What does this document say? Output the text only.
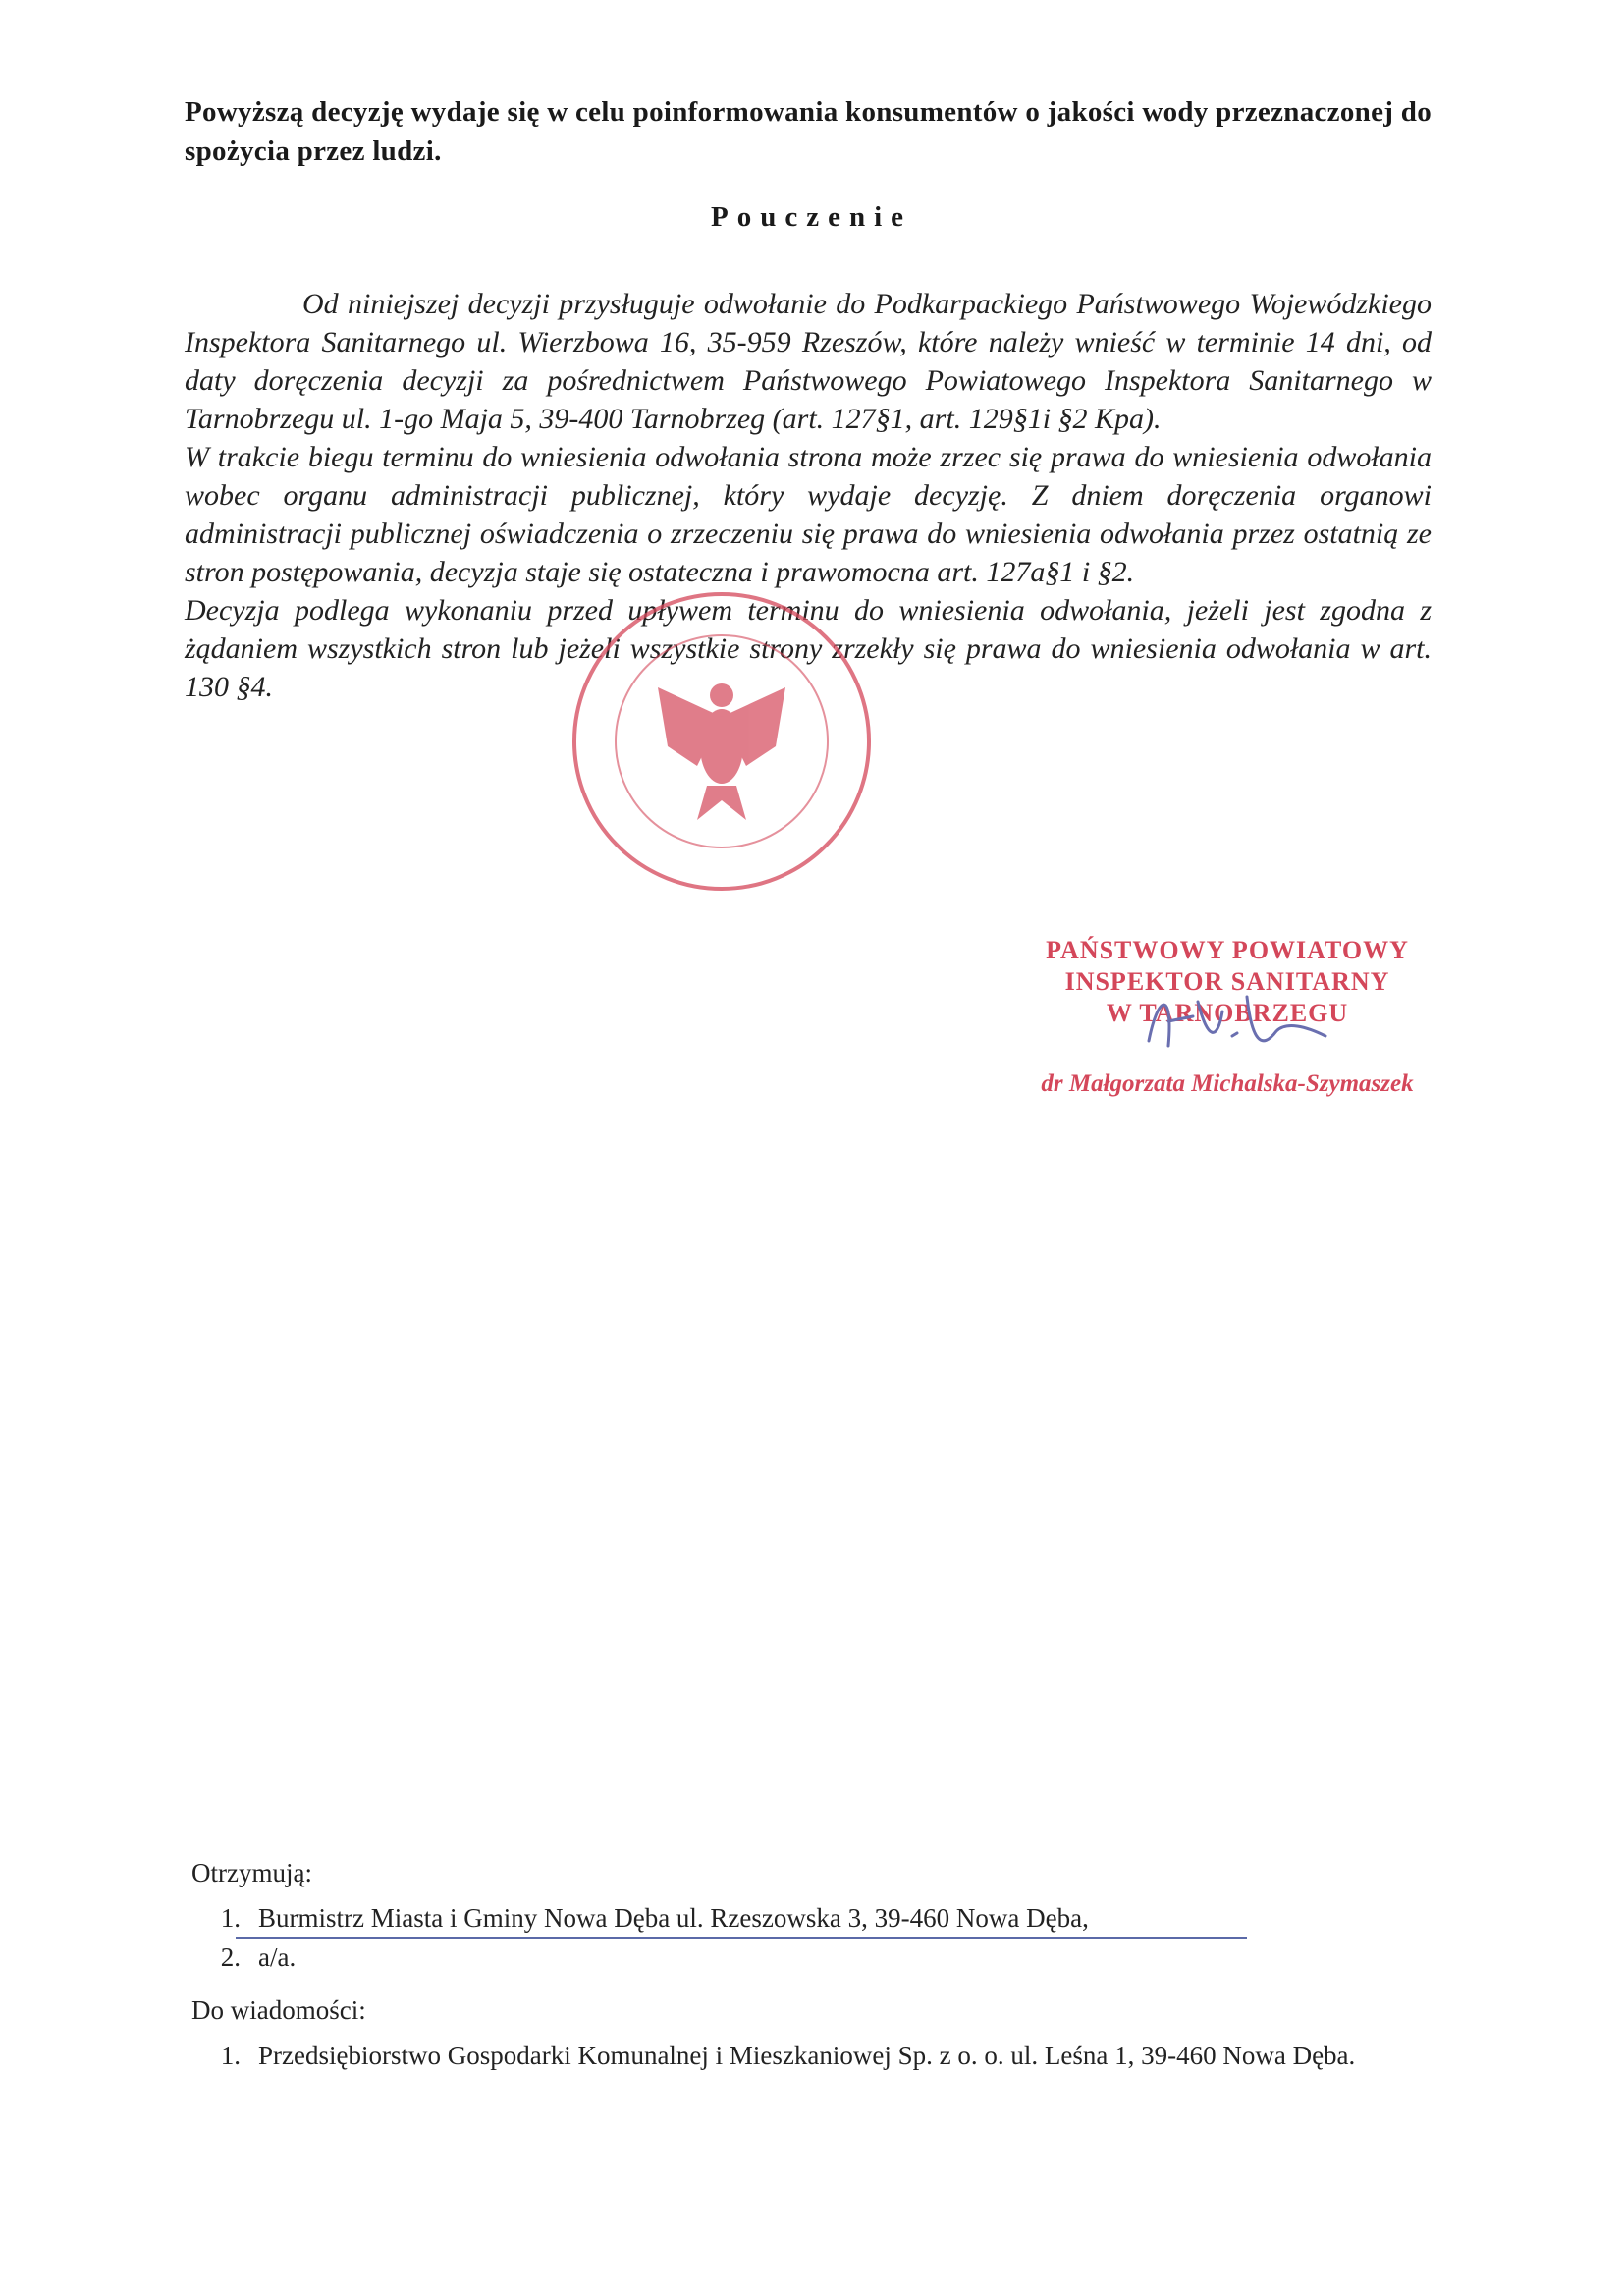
Powyższą decyzję wydaje się w celu poinformowania konsumentów o jakości wody przeznaczonej do spożycia przez ludzi.

Pouczenie

Od niniejszej decyzji przysługuje odwołanie do Podkarpackiego Państwowego Wojewódzkiego Inspektora Sanitarnego ul. Wierzbowa 16, 35-959 Rzeszów, które należy wnieść w terminie 14 dni, od daty doręczenia decyzji za pośrednictwem Państwowego Powiatowego Inspektora Sanitarnego w Tarnobrzegu ul. 1-go Maja 5, 39-400 Tarnobrzeg (art. 127§1, art. 129§1i §2 Kpa).

W trakcie biegu terminu do wniesienia odwołania strona może zrzec się prawa do wniesienia odwołania wobec organu administracji publicznej, który wydaje decyzję. Z dniem doręczenia organowi administracji publicznej oświadczenia o zrzeczeniu się prawa do wniesienia odwołania przez ostatnią ze stron postępowania, decyzja staje się ostateczna i prawomocna art. 127a§1 i §2.

Decyzja podlega wykonaniu przed upływem terminu do wniesienia odwołania, jeżeli jest zgodna z żądaniem wszystkich stron lub jeżeli wszystkie strony zrzekły się prawa do wniesienia odwołania w art. 130 §4.

PAŃSTWOWY POWIATOWY
INSPEKTOR SANITARNY
W TARNOBRZEGU
dr Małgorzata Michalska-Szymaszek

Otrzymują:

1. Burmistrz Miasta i Gminy Nowa Dęba ul. Rzeszowska 3, 39-460 Nowa Dęba,
2. a/a.

Do wiadomości:

1. Przedsiębiorstwo Gospodarki Komunalnej i Mieszkaniowej Sp. z o. o. ul. Leśna 1, 39-460 Nowa Dęba.
